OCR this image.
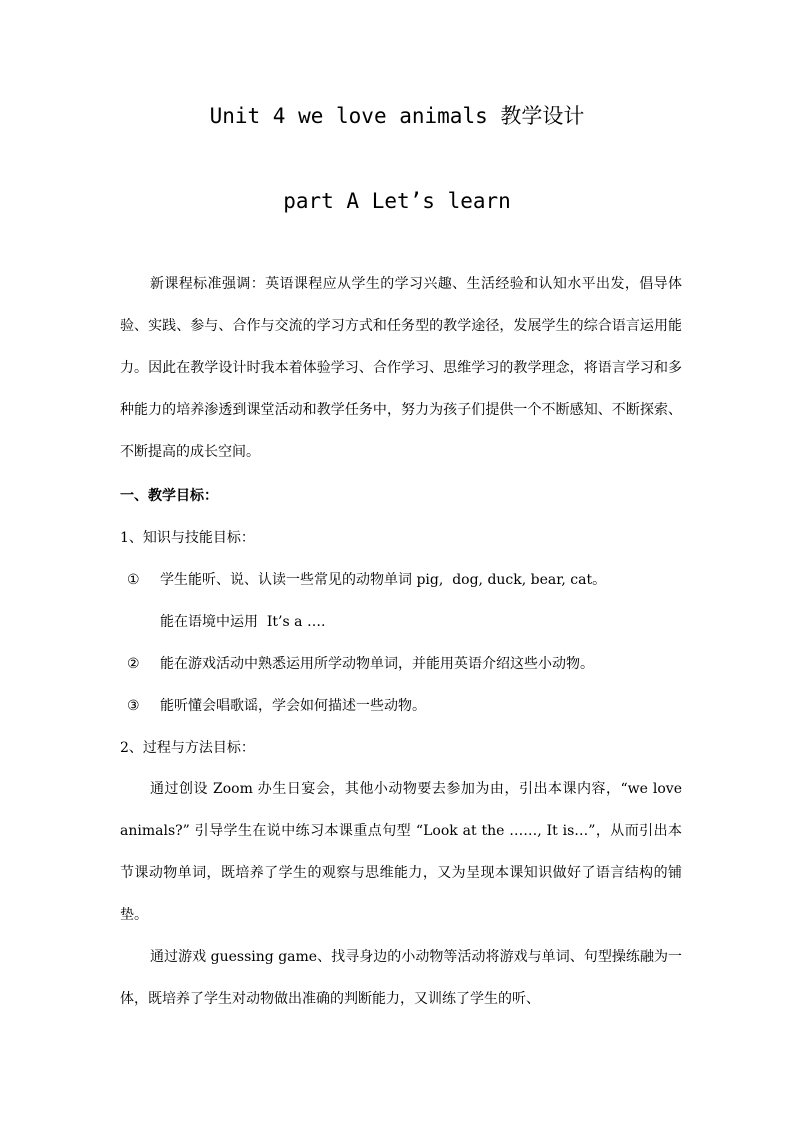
Unit 4 we love animals 教学设计
part A Let’s learn
新课程标准强调：英语课程应从学生的学习兴趣、生活经验和认知水平出发，倡导体验、实践、参与、合作与交流的学习方式和任务型的教学途径，发展学生的综合语言运用能力。因此在教学设计时我本着体验学习、合作学习、思维学习的教学理念，将语言学习和多种能力的培养渗透到课堂活动和教学任务中，努力为孩子们提供一个不断感知、不断探索、不断提高的成长空间。
一、教学目标：
1、知识与技能目标：
① 学生能听、说、认读一些常见的动物单词 pig,  dog, duck, bear, cat。
能在语境中运用  It’s a ….
② 能在游戏活动中熟悉运用所学动物单词，并能用英语介绍这些小动物。
③ 能听懂会唱歌谣，学会如何描述一些动物。
2、过程与方法目标：
通过创设 Zoom 办生日宴会，其他小动物要去参加为由，引出本课内容，“we love animals?” 引导学生在说中练习本课重点句型 “Look at the ……, It is…”，从而引出本节课动物单词，既培养了学生的观察与思维能力，又为呈现本课知识做好了语言结构的铺垫。
通过游戏 guessing game、找寻身边的小动物等活动将游戏与单词、句型操练融为一体，既培养了学生对动物做出准确的判断能力，又训练了学生的听、
